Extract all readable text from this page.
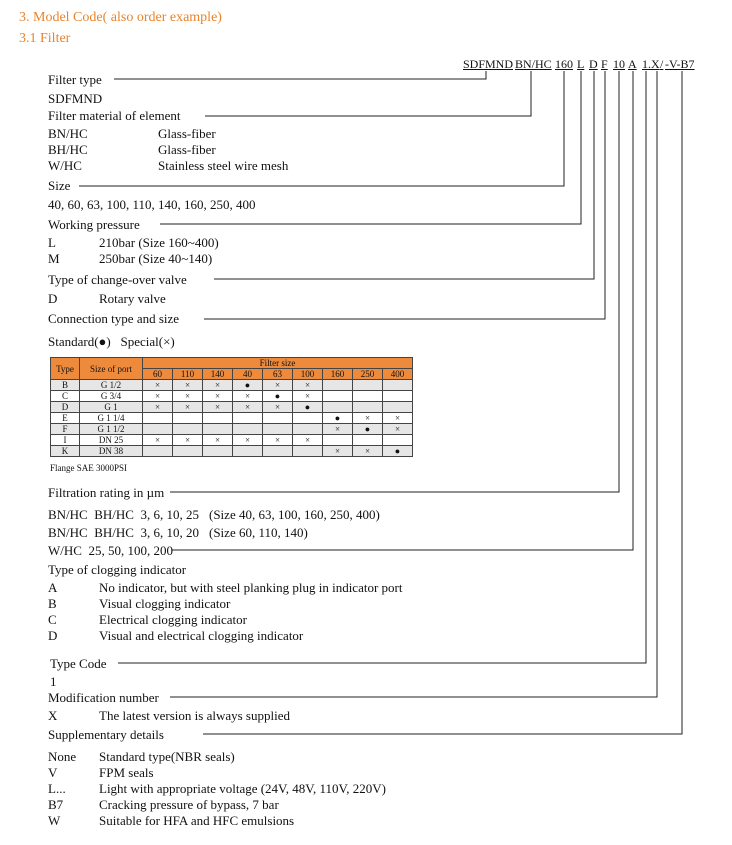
3. Model Code( also order example)
3.1 Filter
SDFMND BN/HC 160 L D F 10 A 1.X / -V-B7
Filter type
SDFMND
Filter material of element
BN/HC	Glass-fiber
BH/HC	Glass-fiber
W/HC	Stainless steel wire mesh
Size
40, 60, 63, 100, 110, 140, 160, 250, 400
Working pressure
L	210bar (Size 160~400)
M	250bar (Size 40~140)
Type of change-over valve
D	Rotary valve
Connection type and size
Standard(●)   Special(×)
Type	Size of port	Filter size								
		60	110	140	40	63	100	160	250	400
B	G 1/2	×	×	×	●	×	×			
C	G 3/4	×	×	×	×	●	×			
D	G 1	×	×	×	×	×	●			
E	G 1 1/4							●	×	×
F	G 1 1/2							×	●	×
I	DN 25	×	×	×	×	×	×			
K	DN 38							×	×	●
Flange SAE 3000PSI
Filtration rating in µm
BN/HC  BH/HC  3, 6, 10, 25 (Size 40, 63, 100, 160, 250, 400)
BN/HC  BH/HC  3, 6, 10, 20 (Size 60, 110, 140)
W/HC  25, 50, 100, 200
Type of clogging indicator
A	No indicator, but with steel planking plug in indicator port
B	Visual clogging indicator
C	Electrical clogging indicator
D	Visual and electrical clogging indicator
Type Code
1
Modification number
X	The latest version is always supplied
Supplementary details
None Standard type(NBR seals)
V	FPM seals
L...	Light with appropriate voltage (24V, 48V, 110V, 220V)
B7	Cracking pressure of bypass, 7 bar
W	Suitable for HFA and HFC emulsions
